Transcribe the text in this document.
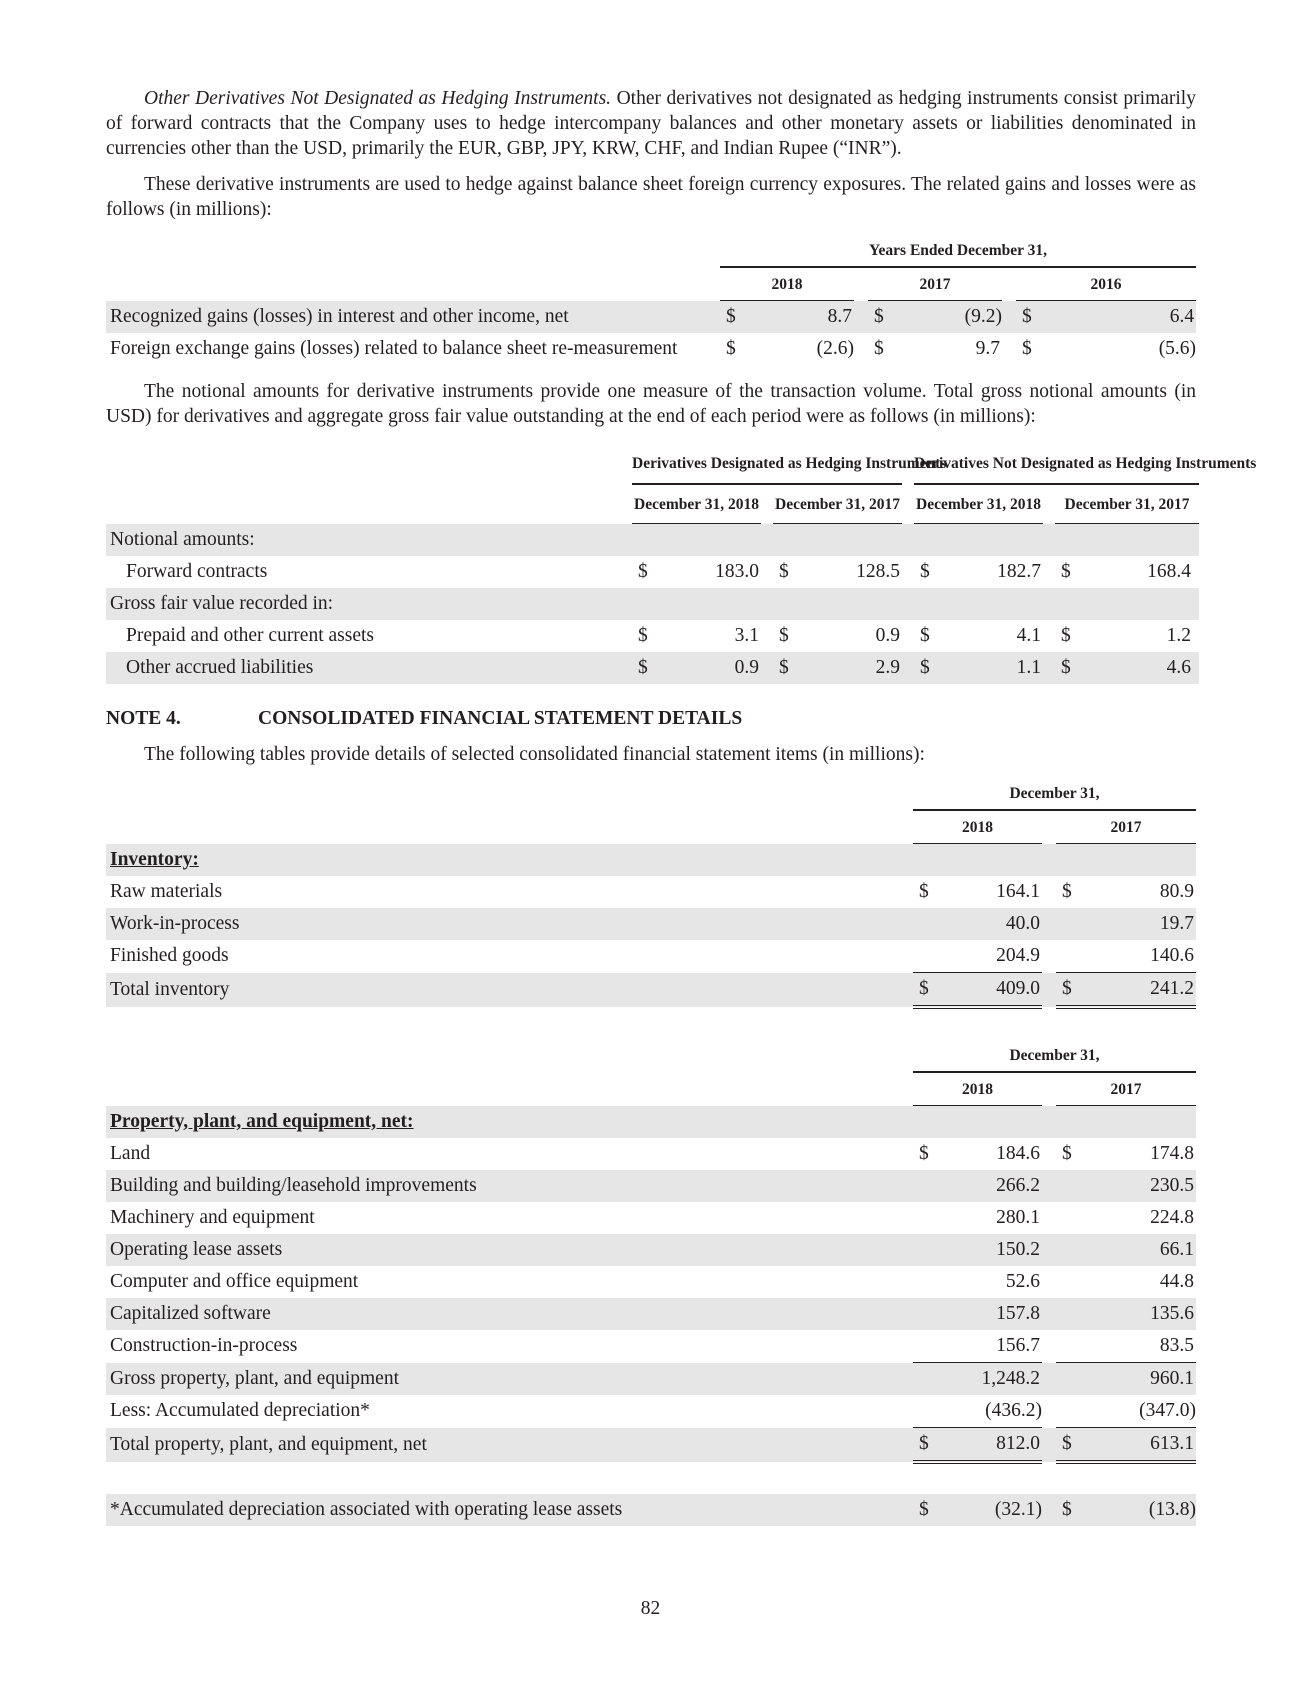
Other Derivatives Not Designated as Hedging Instruments. Other derivatives not designated as hedging instruments consist primarily of forward contracts that the Company uses to hedge intercompany balances and other monetary assets or liabilities denominated in currencies other than the USD, primarily the EUR, GBP, JPY, KRW, CHF, and Indian Rupee (“INR”).

These derivative instruments are used to hedge against balance sheet foreign currency exposures. The related gains and losses were as follows (in millions):

	Years Ended December 31,							
	2018			2017			2016	
Recognized gains (losses) in interest and other income, net	$	8.7		$	(9.2)		$	6.4
Foreign exchange gains (losses) related to balance sheet re-measurement	$	(2.6)		$	9.7		$	(5.6)

The notional amounts for derivative instruments provide one measure of the transaction volume. Total gross notional amounts (in USD) for derivatives and aggregate gross fair value outstanding at the end of each period were as follows (in millions):

	Derivatives Designated as Hedging Instruments						Derivatives Not Designated as Hedging Instruments				
	December 31, 2018			December 31, 2017			December 31, 2018			December 31, 2017	
Notional amounts:											
Forward contracts	$	183.0		$	128.5		$	182.7		$	168.4
Gross fair value recorded in:											
Prepaid and other current assets	$	3.1		$	0.9		$	4.1		$	1.2
Other accrued liabilities	$	0.9		$	2.9		$	1.1		$	4.6
NOTE 4.	CONSOLIDATED FINANCIAL STATEMENT DETAILS

The following tables provide details of selected consolidated financial statement items (in millions):

	December 31,				
	2018			2017	
Inventory:					
Raw materials	$	164.1		$	80.9
Work-in-process		40.0			19.7
Finished goods		204.9			140.6
Total inventory	$	409.0		$	241.2
	December 31,				
	2018			2017	
Property, plant, and equipment, net:					
Land	$	184.6		$	174.8
Building and building/leasehold improvements		266.2			230.5
Machinery and equipment		280.1			224.8
Operating lease assets		150.2			66.1
Computer and office equipment		52.6			44.8
Capitalized software		157.8			135.6
Construction-in-process		156.7			83.5
Gross property, plant, and equipment		1,248.2			960.1
Less: Accumulated depreciation*		(436.2)			(347.0)
Total property, plant, and equipment, net	$	812.0		$	613.1

*Accumulated depreciation associated with operating lease assets	$	(32.1)		$	(13.8)
82
